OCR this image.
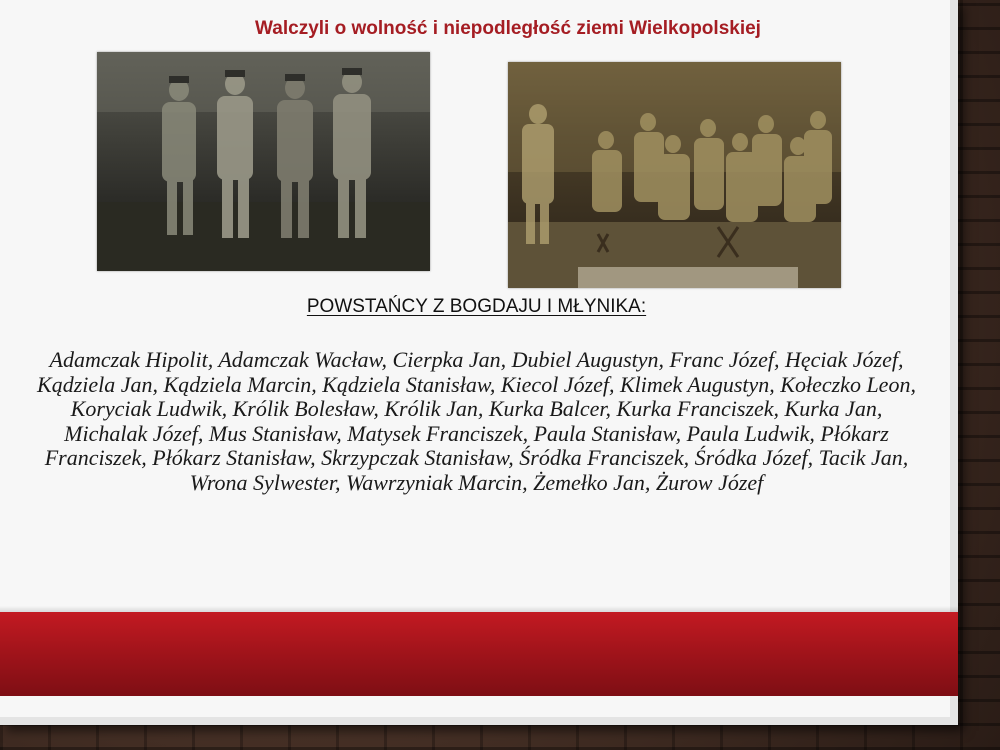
Walczyli o wolność i niepodległość ziemi Wielkopolskiej
POWSTAŃCY Z BOGDAJU I MŁYNIKA:
Adamczak Hipolit, Adamczak Wacław, Cierpka Jan, Dubiel Augustyn, Franc Józef, Hęciak Józef, Kądziela Jan, Kądziela Marcin, Kądziela Stanisław, Kiecol Józef, Klimek Augustyn, Kołeczko Leon, Koryciak Ludwik, Królik Bolesław, Królik Jan, Kurka Balcer, Kurka Franciszek, Kurka Jan, Michalak Józef, Mus Stanisław, Matysek Franciszek, Paula Stanisław, Paula Ludwik, Płókarz Franciszek, Płókarz Stanisław, Skrzypczak Stanisław, Śródka Franciszek, Śródka Józef, Tacik Jan, Wrona Sylwester, Wawrzyniak Marcin, Żemełko Jan, Żurow Józef
